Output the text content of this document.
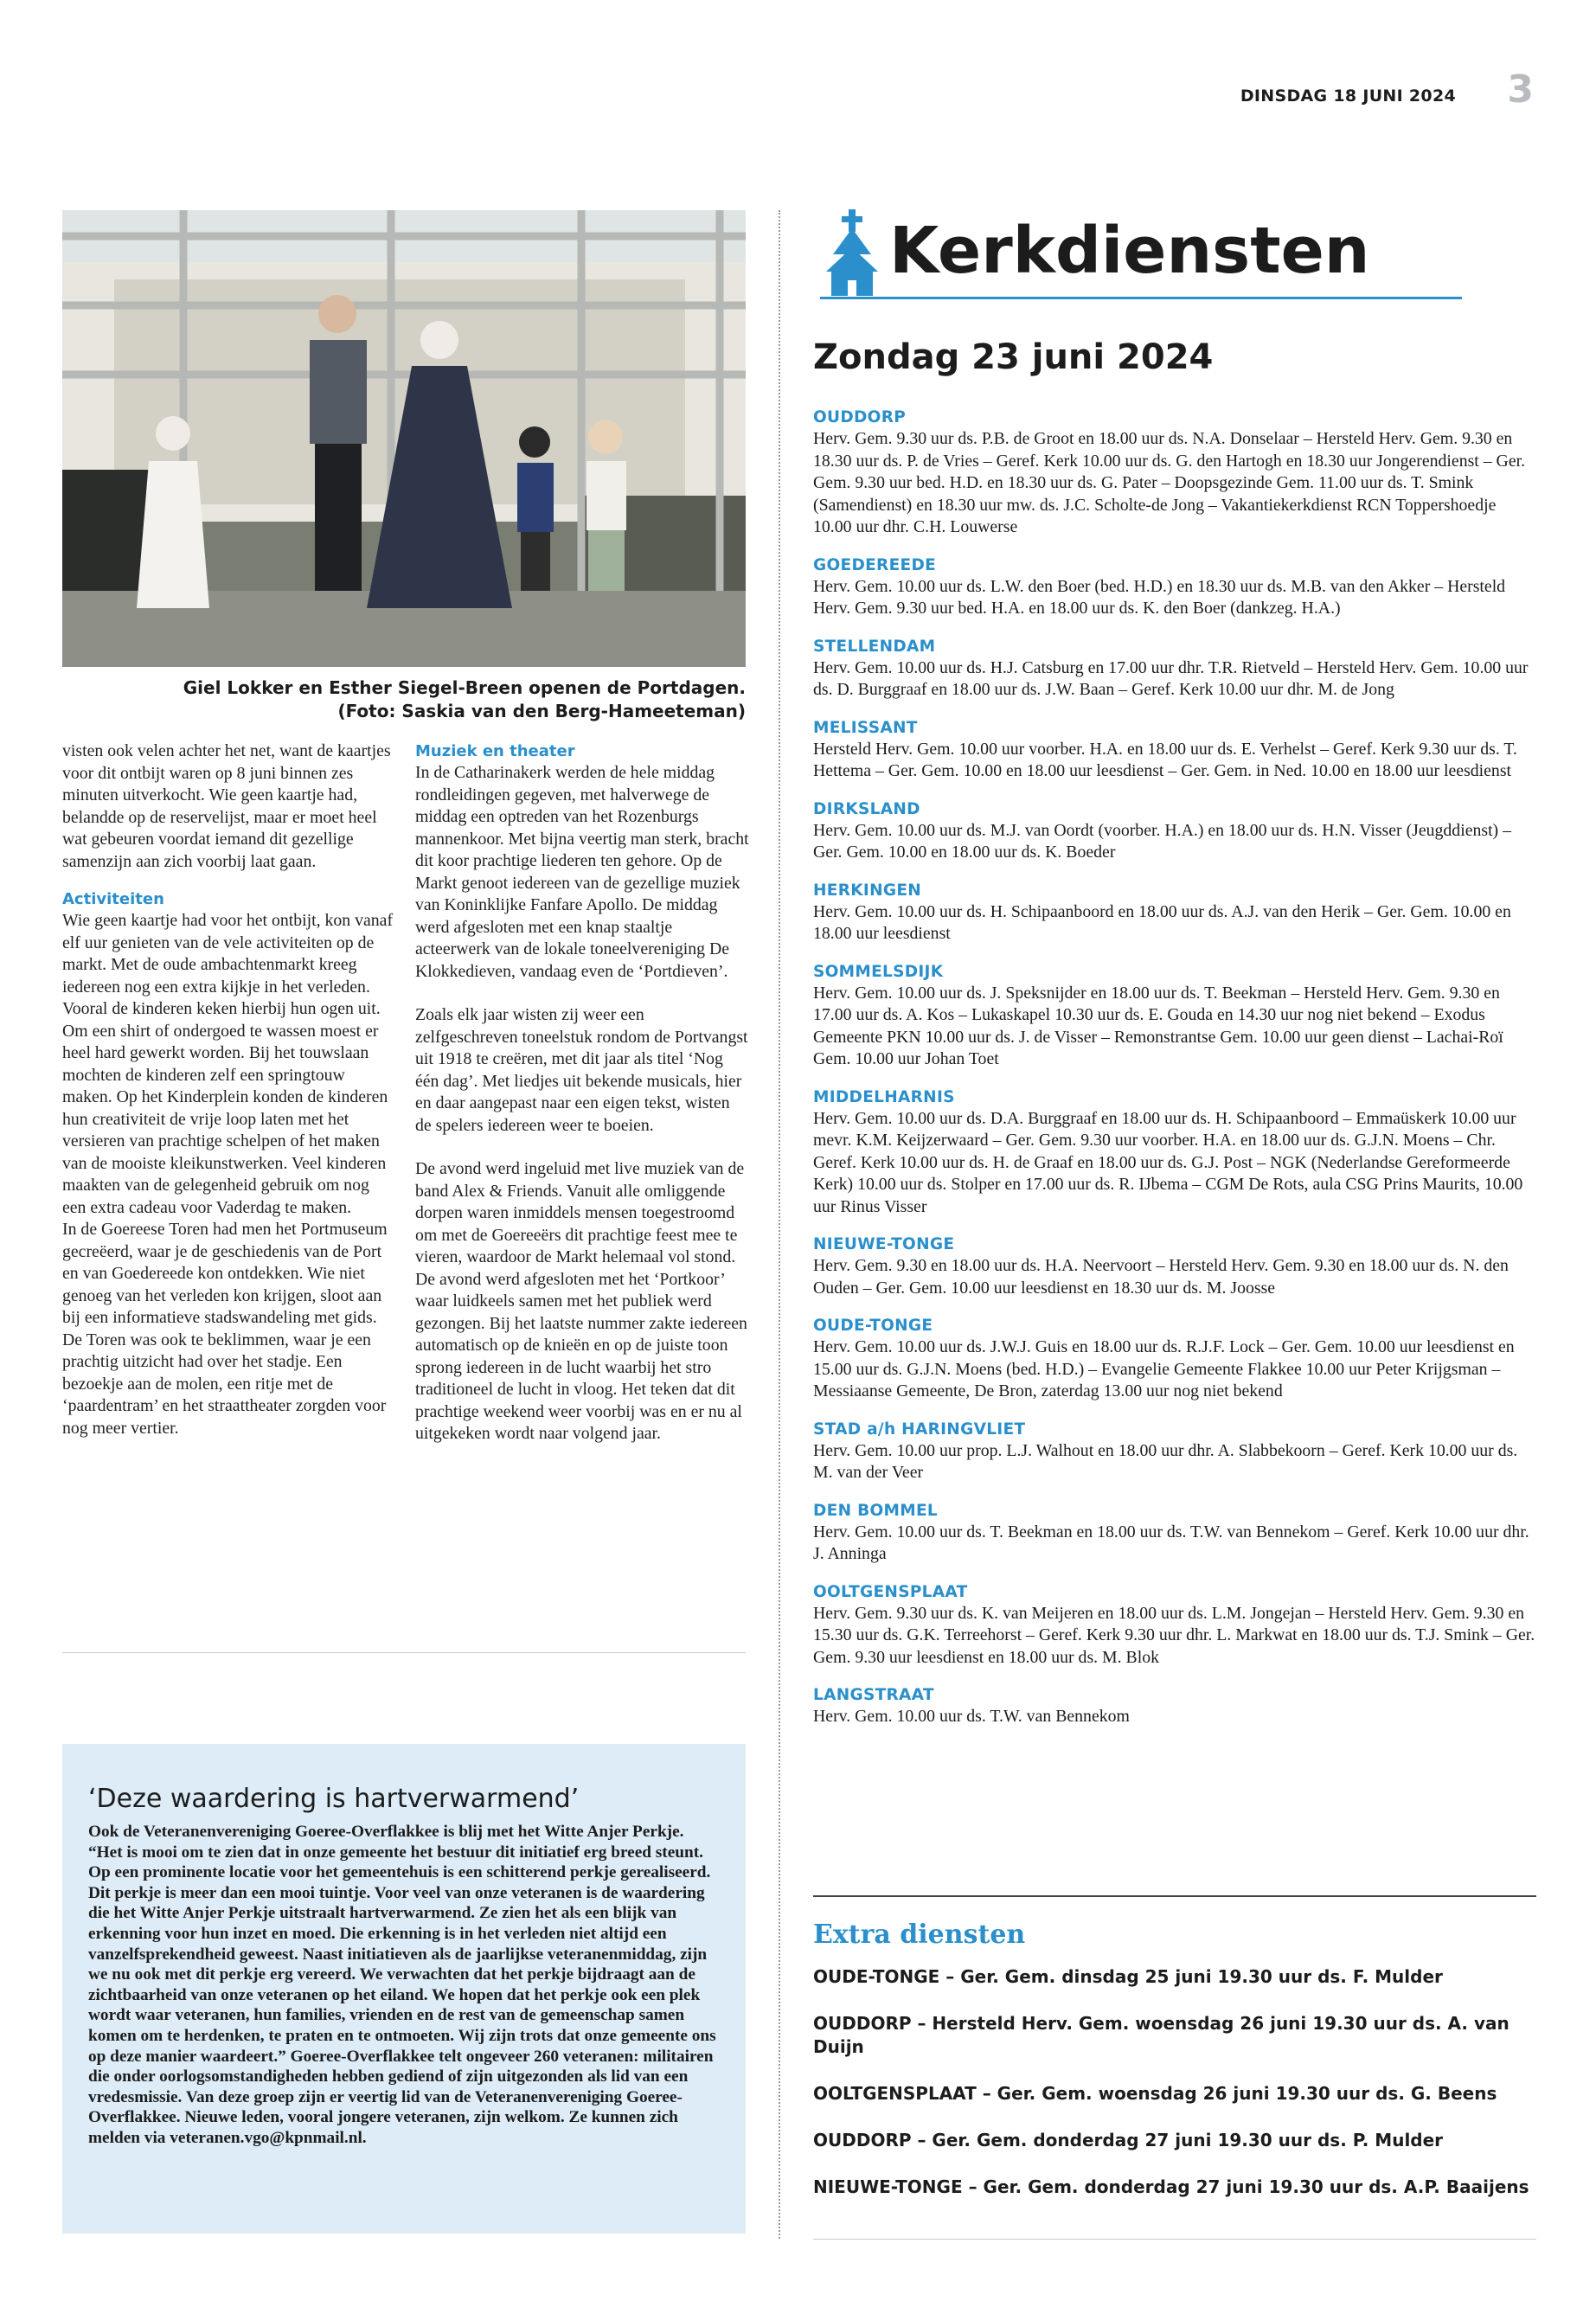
DINSDAG 18 JUNI 2024 3
Giel Lokker en Esther Siegel-Breen openen de Portdagen.
(Foto: Saskia van den Berg-Hameeteman)

visten ook velen achter het net, want de kaartjes voor dit ontbijt waren op 8 juni binnen zes minuten uitverkocht. Wie geen kaartje had, belandde op de reservelijst, maar er moet heel wat gebeuren voordat iemand dit gezellige samenzijn aan zich voorbij laat gaan.

Activiteiten

Wie geen kaartje had voor het ontbijt, kon vanaf elf uur genieten van de vele activiteiten op de markt. Met de oude ambachtenmarkt kreeg iedereen nog een extra kijkje in het verleden. Vooral de kinderen keken hierbij hun ogen uit. Om een shirt of ondergoed te wassen moest er heel hard gewerkt worden. Bij het touwslaan mochten de kinderen zelf een springtouw maken. Op het Kinderplein konden de kinderen hun creativiteit de vrije loop laten met het versieren van prachtige schelpen of het maken van de mooiste kleikunstwerken. Veel kinderen maakten van de gelegenheid gebruik om nog een extra cadeau voor Vaderdag te maken.

In de Goereese Toren had men het Portmuseum gecreëerd, waar je de geschiedenis van de Port en van Goedereede kon ontdekken. Wie niet genoeg van het verleden kon krijgen, sloot aan bij een informatieve stadswandeling met gids. De Toren was ook te beklimmen, waar je een prachtig uitzicht had over het stadje. Een bezoekje aan de molen, een ritje met de ‘paardentram’ en het straattheater zorgden voor nog meer vertier.

Muziek en theater

In de Catharinakerk werden de hele middag rondleidingen gegeven, met halverwege de middag een optreden van het Rozenburgs mannenkoor. Met bijna veertig man sterk, bracht dit koor prachtige liederen ten gehore. Op de Markt genoot iedereen van de gezellige muziek van Koninklijke Fanfare Apollo. De middag werd afgesloten met een knap staaltje acteerwerk van de lokale toneelvereniging De Klokkedieven, vandaag even de ‘Portdieven’.

Zoals elk jaar wisten zij weer een zelfgeschreven toneelstuk rondom de Portvangst uit 1918 te creëren, met dit jaar als titel ‘Nog één dag’. Met liedjes uit bekende musicals, hier en daar aangepast naar een eigen tekst, wisten de spelers iedereen weer te boeien.

De avond werd ingeluid met live muziek van de band Alex & Friends. Vanuit alle omliggende dorpen waren inmiddels mensen toegestroomd om met de Goereeërs dit prachtige feest mee te vieren, waardoor de Markt helemaal vol stond. De avond werd afgesloten met het ‘Portkoor’ waar luidkeels samen met het publiek werd gezongen. Bij het laatste nummer zakte iedereen automatisch op de knieën en op de juiste toon sprong iedereen in de lucht waarbij het stro traditioneel de lucht in vloog. Het teken dat dit prachtige weekend weer voorbij was en er nu al uitgekeken wordt naar volgend jaar.

‘Deze waardering is hartverwarmend’

Ook de Veteranenvereniging Goeree-Overflakkee is blij met het Witte Anjer Perkje. “Het is mooi om te zien dat in onze gemeente het bestuur dit initiatief erg breed steunt. Op een prominente locatie voor het gemeentehuis is een schitterend perkje gerealiseerd. Dit perkje is meer dan een mooi tuintje. Voor veel van onze veteranen is de waardering die het Witte Anjer Perkje uitstraalt hartverwarmend. Ze zien het als een blijk van erkenning voor hun inzet en moed. Die erkenning is in het verleden niet altijd een vanzelfsprekendheid geweest. Naast initiatieven als de jaarlijkse veteranenmiddag, zijn we nu ook met dit perkje erg vereerd. We verwachten dat het perkje bijdraagt aan de zichtbaarheid van onze veteranen op het eiland. We hopen dat het perkje ook een plek wordt waar veteranen, hun families, vrienden en de rest van de gemeenschap samen komen om te herdenken, te praten en te ontmoeten. Wij zijn trots dat onze gemeente ons op deze manier waardeert.” Goeree-Overflakkee telt ongeveer 260 veteranen: militairen die onder oorlogsomstandigheden hebben gediend of zijn uitgezonden als lid van een vredesmissie. Van deze groep zijn er veertig lid van de Veteranenvereniging Goeree-Overflakkee. Nieuwe leden, vooral jongere veteranen, zijn welkom. Ze kunnen zich melden via veteranen.vgo@kpnmail.nl.

Kerkdiensten
Zondag 23 juni 2024
OUDDORP

Herv. Gem. 9.30 uur ds. P.B. de Groot en 18.00 uur ds. N.A. Donselaar – Hersteld Herv. Gem. 9.30 en 18.30 uur ds. P. de Vries – Geref. Kerk 10.00 uur ds. G. den Hartogh en 18.30 uur Jongerendienst – Ger. Gem. 9.30 uur bed. H.D. en 18.30 uur ds. G. Pater – Doopsgezinde Gem. 11.00 uur ds. T. Smink (Samendienst) en 18.30 uur mw. ds. J.C. Scholte-de Jong – Vakantiekerkdienst RCN Toppershoedje 10.00 uur dhr. C.H. Louwerse

GOEDEREEDE

Herv. Gem. 10.00 uur ds. L.W. den Boer (bed. H.D.) en 18.30 uur ds. M.B. van den Akker – Hersteld Herv. Gem. 9.30 uur bed. H.A. en 18.00 uur ds. K. den Boer (dankzeg. H.A.)

STELLENDAM

Herv. Gem. 10.00 uur ds. H.J. Catsburg en 17.00 uur dhr. T.R. Rietveld – Hersteld Herv. Gem. 10.00 uur ds. D. Burggraaf en 18.00 uur ds. J.W. Baan – Geref. Kerk 10.00 uur dhr. M. de Jong

MELISSANT

Hersteld Herv. Gem. 10.00 uur voorber. H.A. en 18.00 uur ds. E. Verhelst – Geref. Kerk 9.30 uur ds. T. Hettema – Ger. Gem. 10.00 en 18.00 uur leesdienst – Ger. Gem. in Ned. 10.00 en 18.00 uur leesdienst

DIRKSLAND

Herv. Gem. 10.00 uur ds. M.J. van Oordt (voorber. H.A.) en 18.00 uur ds. H.N. Visser (Jeugddienst) – Ger. Gem. 10.00 en 18.00 uur ds. K. Boeder

HERKINGEN

Herv. Gem. 10.00 uur ds. H. Schipaanboord en 18.00 uur ds. A.J. van den Herik – Ger. Gem. 10.00 en 18.00 uur leesdienst

SOMMELSDIJK

Herv. Gem. 10.00 uur ds. J. Speksnijder en 18.00 uur ds. T. Beekman – Hersteld Herv. Gem. 9.30 en 17.00 uur ds. A. Kos – Lukaskapel 10.30 uur ds. E. Gouda en 14.30 uur nog niet bekend – Exodus Gemeente PKN 10.00 uur ds. J. de Visser – Remonstrantse Gem. 10.00 uur geen dienst – Lachai-Roï Gem. 10.00 uur Johan Toet

MIDDELHARNIS

Herv. Gem. 10.00 uur ds. D.A. Burggraaf en 18.00 uur ds. H. Schipaanboord – Emmaüskerk 10.00 uur mevr. K.M. Keijzerwaard – Ger. Gem. 9.30 uur voorber. H.A. en 18.00 uur ds. G.J.N. Moens – Chr. Geref. Kerk 10.00 uur ds. H. de Graaf en 18.00 uur ds. G.J. Post – NGK (Nederlandse Gereformeerde Kerk) 10.00 uur ds. Stolper en 17.00 uur ds. R. IJbema – CGM De Rots, aula CSG Prins Maurits, 10.00 uur Rinus Visser

NIEUWE-TONGE

Herv. Gem. 9.30 en 18.00 uur ds. H.A. Neervoort – Hersteld Herv. Gem. 9.30 en 18.00 uur ds. N. den Ouden – Ger. Gem. 10.00 uur leesdienst en 18.30 uur ds. M. Joosse

OUDE-TONGE

Herv. Gem. 10.00 uur ds. J.W.J. Guis en 18.00 uur ds. R.J.F. Lock – Ger. Gem. 10.00 uur leesdienst en 15.00 uur ds. G.J.N. Moens (bed. H.D.) – Evangelie Gemeente Flakkee 10.00 uur Peter Krijgsman – Messiaanse Gemeente, De Bron, zaterdag 13.00 uur nog niet bekend

STAD a/h HARINGVLIET

Herv. Gem. 10.00 uur prop. L.J. Walhout en 18.00 uur dhr. A. Slabbekoorn – Geref. Kerk 10.00 uur ds. M. van der Veer

DEN BOMMEL

Herv. Gem. 10.00 uur ds. T. Beekman en 18.00 uur ds. T.W. van Bennekom – Geref. Kerk 10.00 uur dhr. J. Anninga

OOLTGENSPLAAT

Herv. Gem. 9.30 uur ds. K. van Meijeren en 18.00 uur ds. L.M. Jongejan – Hersteld Herv. Gem. 9.30 en 15.30 uur ds. G.K. Terreehorst – Geref. Kerk 9.30 uur dhr. L. Markwat en 18.00 uur ds. T.J. Smink – Ger. Gem. 9.30 uur leesdienst en 18.00 uur ds. M. Blok

LANGSTRAAT

Herv. Gem. 10.00 uur ds. T.W. van Bennekom

Extra diensten
OUDE-TONGE – Ger. Gem. dinsdag 25 juni 19.30 uur ds. F. Mulder
OUDDORP – Hersteld Herv. Gem. woensdag 26 juni 19.30 uur ds. A. van Duijn
OOLTGENSPLAAT – Ger. Gem. woensdag 26 juni 19.30 uur ds. G. Beens
OUDDORP – Ger. Gem. donderdag 27 juni 19.30 uur ds. P. Mulder
NIEUWE-TONGE – Ger. Gem. donderdag 27 juni 19.30 uur ds. A.P. Baaijens
